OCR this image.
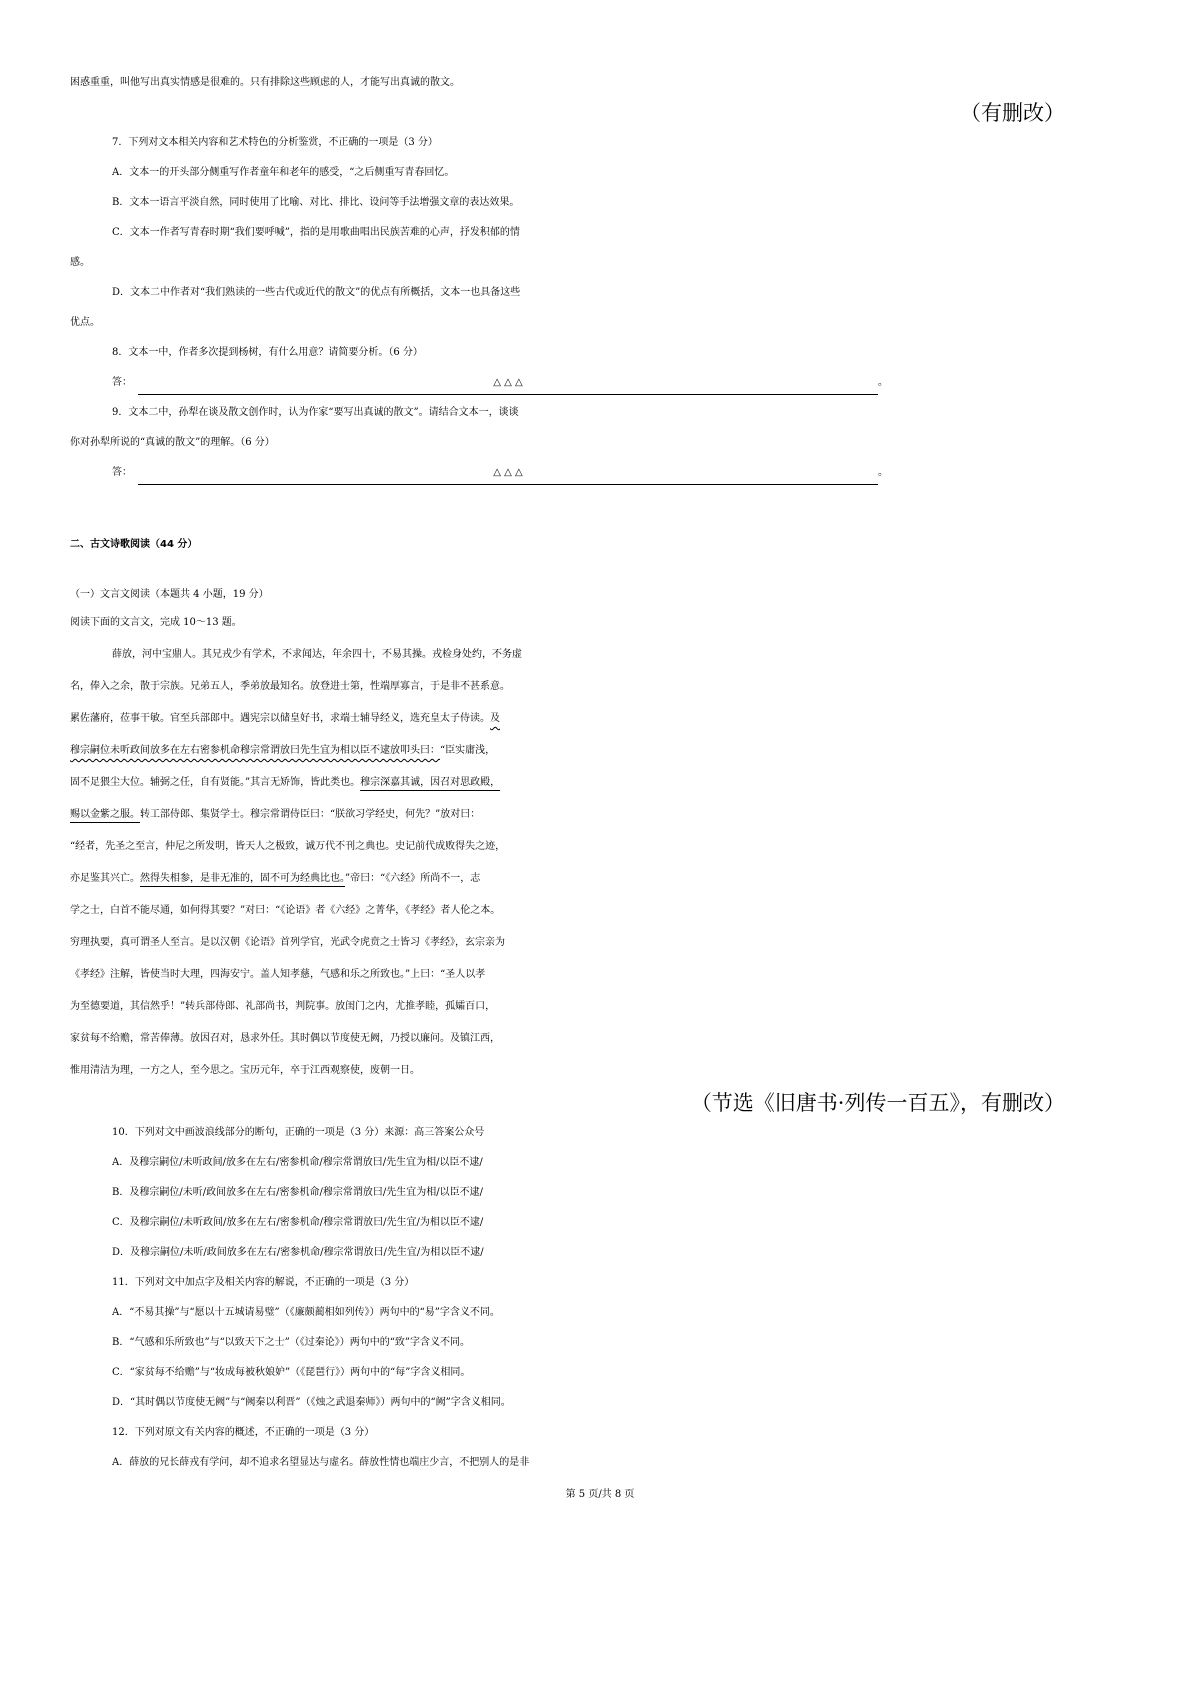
困惑重重，叫他写出真实情感是很难的。只有排除这些顾虑的人，才能写出真诚的散文。
（有删改）
7．下列对文本相关内容和艺术特色的分析鉴赏，不正确的一项是（3 分）
A．文本一的开头部分侧重写作者童年和老年的感受，“之后侧重写青春回忆。
B．文本一语言平淡自然，同时使用了比喻、对比、排比、设问等手法增强文章的表达效果。
C．文本一作者写青春时期“我们要呼喊”，指的是用歌曲唱出民族苦难的心声，抒发积郁的情
感。
D．文本二中作者对“我们熟读的一些古代或近代的散文”的优点有所概括，文本一也具备这些
优点。
8．文本一中，作者多次提到杨树，有什么用意？请简要分析。（6 分）
答：	△ △ △	。
9．文本二中，孙犁在谈及散文创作时，认为作家“要写出真诚的散文”。请结合文本一，谈谈
你对孙犁所说的“真诚的散文”的理解。（6 分）
答：	△ △ △	。
二、古文诗歌阅读（44 分）
（一）文言文阅读（本题共 4 小题，19 分）
阅读下面的文言文，完成 10～13 题。
薛放，河中宝鼎人。其兄戎少有学术，不求闻达，年余四十，不易其操。戎检身处约，不务虚
名，俸入之余，散于宗族。兄弟五人，季弟放最知名。放登进士第，性端厚寡言，于是非不甚系意。
累佐藩府，莅事干敏。官至兵部郎中。遇宪宗以储皇好书，求端士辅导经义，选充皇太子侍读。及
穆宗嗣位未听政间放多在左右密参机命穆宗常谓放曰先生宜为相以臣不逮放叩头曰：“臣实庸浅，
固不足猥尘大位。辅弼之任，自有贤能。”其言无矫饰，皆此类也。穆宗深嘉其诚，因召对思政殿，
赐以金紫之服。转工部侍郎、集贤学士。穆宗常谓侍臣曰：“朕欲习学经史，何先？”放对曰：
“经者，先圣之至言，仲尼之所发明，皆天人之极致，诚万代不刊之典也。史记前代成败得失之迹，
亦足鉴其兴亡。然得失相参，是非无准的，固不可为经典比也。”帝曰：“《六经》所尚不一，志
学之士，白首不能尽通，如何得其要？”对曰：“《论语》者《六经》之菁华，《孝经》者人伦之本。
穷理执要，真可谓圣人至言。是以汉朝《论语》首列学官，光武令虎贲之士皆习《孝经》，玄宗亲为
《孝经》注解，皆使当时大理，四海安宁。盖人知孝慈，气感和乐之所致也。”上曰：“圣人以孝
为至德要道，其信然乎！”转兵部侍郎、礼部尚书，判院事。放闺门之内，尤推孝睦，孤孀百口，
家贫每不给赡，常苦俸薄。放因召对，恳求外任。其时偶以节度使无阙，乃授以廉问。及镇江西，
惟用清洁为理，一方之人，至今思之。宝历元年，卒于江西观察使，废朝一日。
（节选《旧唐书·列传一百五》，有删改）
10．下列对文中画波浪线部分的断句，正确的一项是（3 分）来源：高三答案公众号
A．及穆宗嗣位/未听政间/放多在左右/密参机命/穆宗常谓放曰/先生宜为相/以臣不逮/
B．及穆宗嗣位/未听/政间放多在左右/密参机命/穆宗常谓放曰/先生宜为相/以臣不逮/
C．及穆宗嗣位/未听政间/放多在左右/密参机命/穆宗常谓放曰/先生宜/为相以臣不逮/
D．及穆宗嗣位/未听/政间放多在左右/密参机命/穆宗常谓放曰/先生宜/为相以臣不逮/
11．下列对文中加点字及相关内容的解说，不正确的一项是（3 分）
A．“不易其操”与“愿以十五城请易璧”（《廉颇蔺相如列传》）两句中的“易”字含义不同。
B．“气感和乐所致也”与“以致天下之士”（《过秦论》）两句中的“致”字含义不同。
C．“家贫每不给赡”与“妆成每被秋娘妒”（《琵琶行》）两句中的“每”字含义相同。
D．“其时偶以节度使无阙”与“阙秦以利晋”（《烛之武退秦师》）两句中的“阙”字含义相同。
12．下列对原文有关内容的概述，不正确的一项是（3 分）
A．薛放的兄长薛戎有学问，却不追求名望显达与虚名。薛放性情也端庄少言，不把别人的是非
第 5 页/共 8 页
